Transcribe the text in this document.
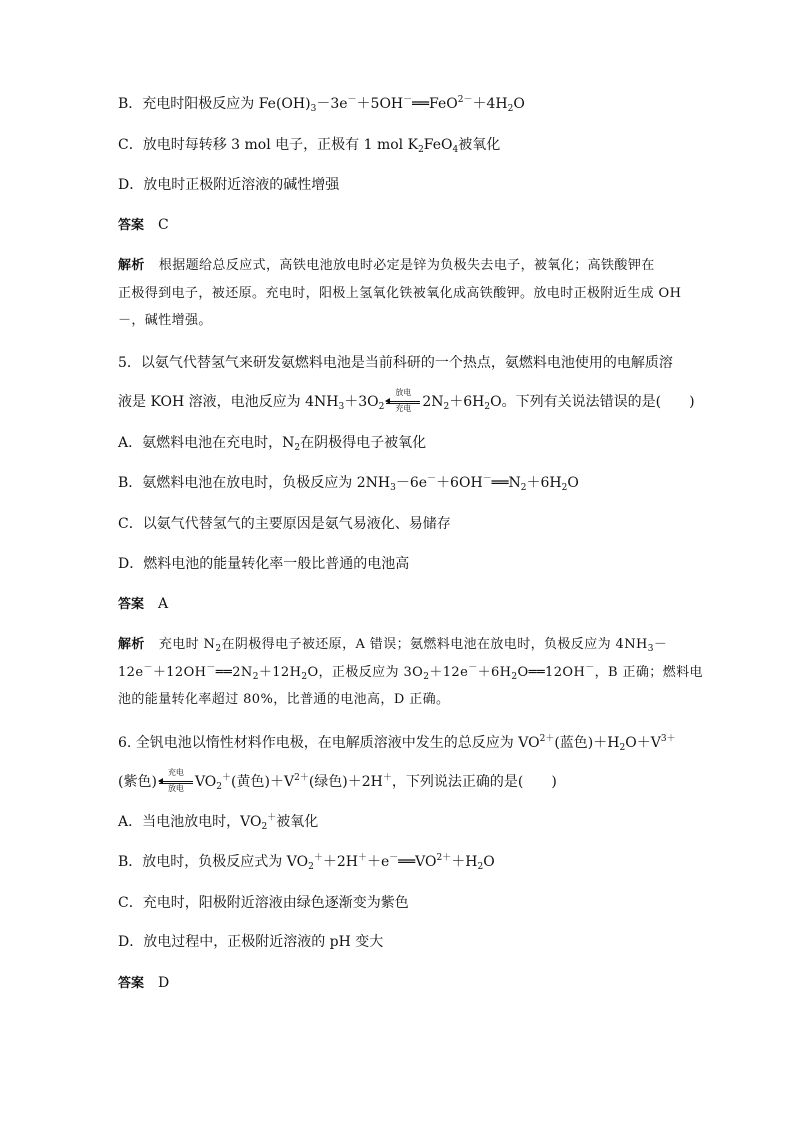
B．充电时阳极反应为 $Fe(OH)_3-3e^-+5OH^-══FeO^{2-}+4H_2O$
C．放电时每转移 3 mol 电子，正极有 1 mol $K_2FeO_4$被氧化
D．放电时正极附近溶液的碱性增强
答案 C
解析 根据题给总反应式，高铁电池放电时必定是锌为负极失去电子，被氧化；高铁酸钾在
正极得到电子，被还原。充电时，阳极上氢氧化铁被氧化成高铁酸钾。放电时正极附近生成 OH
－，碱性增强。
5．以氨气代替氢气来研发氨燃料电池是当前科研的一个热点，氨燃料电池使用的电解质溶
液是 KOH 溶液，电池反应为 $4NH_3+3O_2$
放电
充电 $2N_2+6H_2O$。下列有关说法错误的是(　　)
A．氨燃料电池在充电时，$N_2$在阴极得电子被氧化
B．氨燃料电池在放电时，负极反应为 $2NH_3-6e^-+6OH^-══N_2+6H_2O$
C．以氨气代替氢气的主要原因是氨气易液化、易储存
D．燃料电池的能量转化率一般比普通的电池高
答案 A
解析 充电时 $N_2$在阴极得电子被还原，A 错误；氨燃料电池在放电时，负极反应为 $4NH_3-$
$12e^-+12OH^-══2N_2+12H_2O$，正极反应为 $3O_2+12e^-+6H_2O══12OH^-$，B 正确；燃料电
池的能量转化率超过 80%，比普通的电池高，D 正确。
6. 全钒电池以惰性材料作电极，在电解质溶液中发生的总反应为 $VO^{2+}$(蓝色)$+H_2O+V^{3+}$
(紫色)
充电
放电 $VO_2^+$(黄色)$+V^{2+}$(绿色)＋2H＋，下列说法正确的是(　　)
A．当电池放电时，$VO_2^+$被氧化
B．放电时，负极反应式为 $VO_2^++2H^++e^-══VO^{2+}+H_2O$
C．充电时，阳极附近溶液由绿色逐渐变为紫色
D．放电过程中，正极附近溶液的 pH 变大
答案 D
